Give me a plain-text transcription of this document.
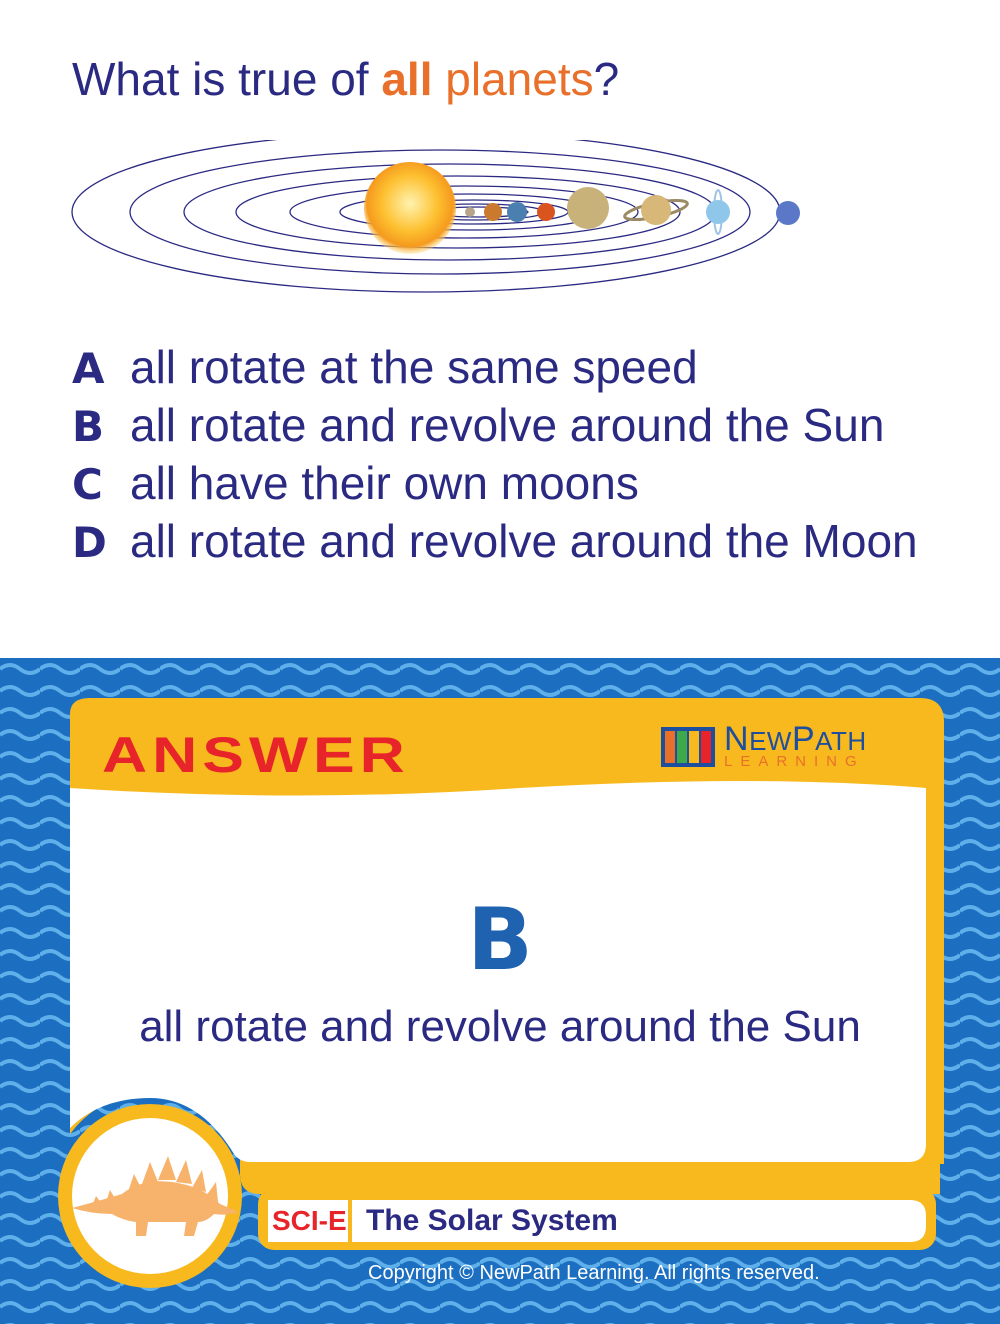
What is true of all planets?
A all rotate at the same speed
B all rotate and revolve around the Sun
C all have their own moons
D all rotate and revolve around the Moon
ANSWER	NEWPATH
LEARNING
B
all rotate and revolve around the Sun
SCI-E The Solar System
Copyright © NewPath Learning. All rights reserved.
